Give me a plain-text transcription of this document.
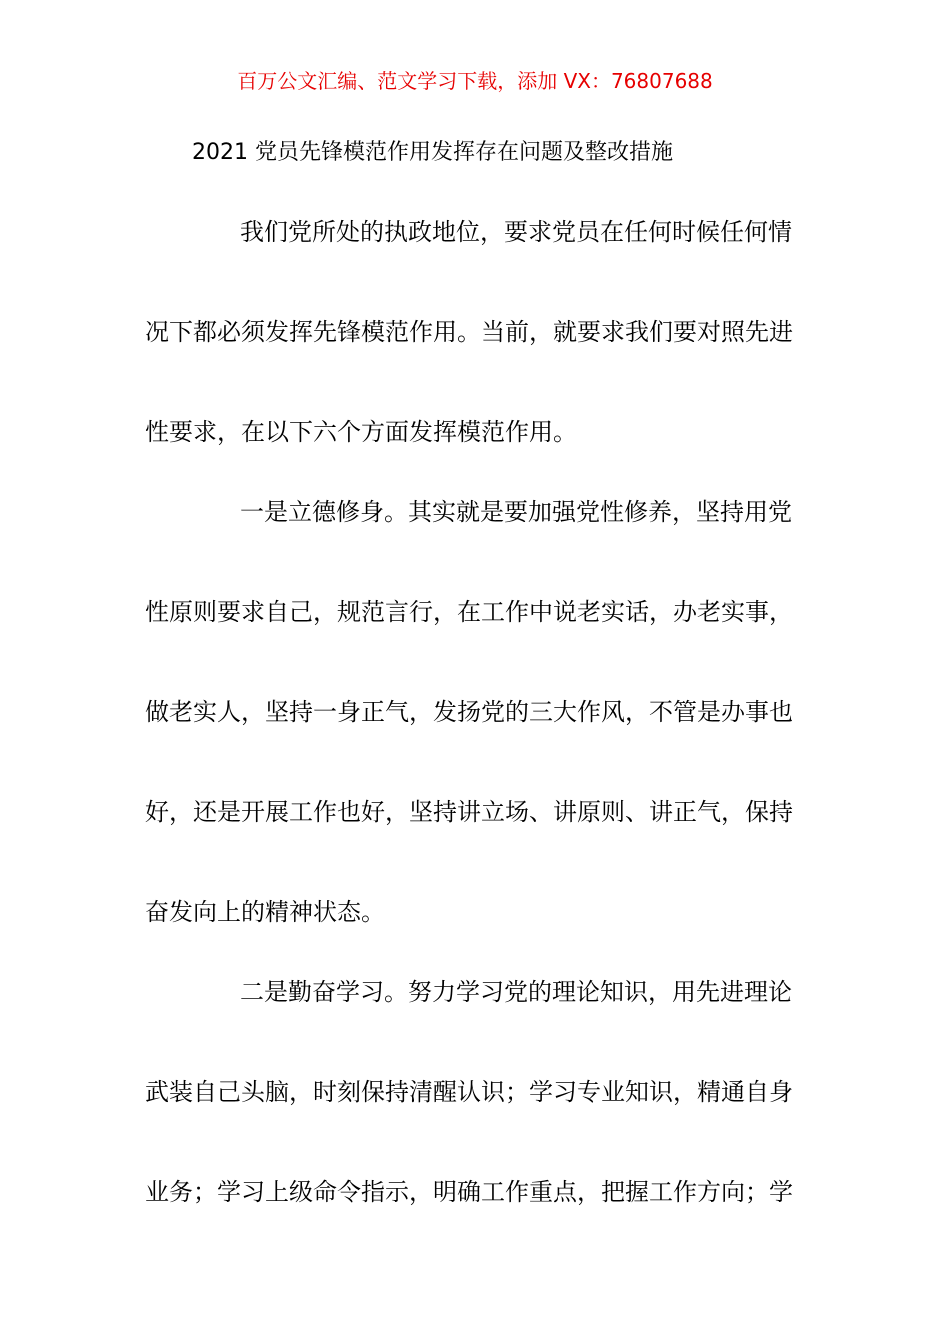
百万公文汇编、范文学习下载，添加 VX：76807688
2021 党员先锋模范作用发挥存在问题及整改措施
我们党所处的执政地位，要求党员在任何时候任何情
况下都必须发挥先锋模范作用。当前，就要求我们要对照先进
性要求，在以下六个方面发挥模范作用。
一是立德修身。其实就是要加强党性修养，坚持用党
性原则要求自己，规范言行，在工作中说老实话，办老实事，
做老实人，坚持一身正气，发扬党的三大作风，不管是办事也
好，还是开展工作也好，坚持讲立场、讲原则、讲正气，保持
奋发向上的精神状态。
二是勤奋学习。努力学习党的理论知识，用先进理论
武装自己头脑，时刻保持清醒认识；学习专业知识，精通自身
业务；学习上级命令指示，明确工作重点，把握工作方向；学
